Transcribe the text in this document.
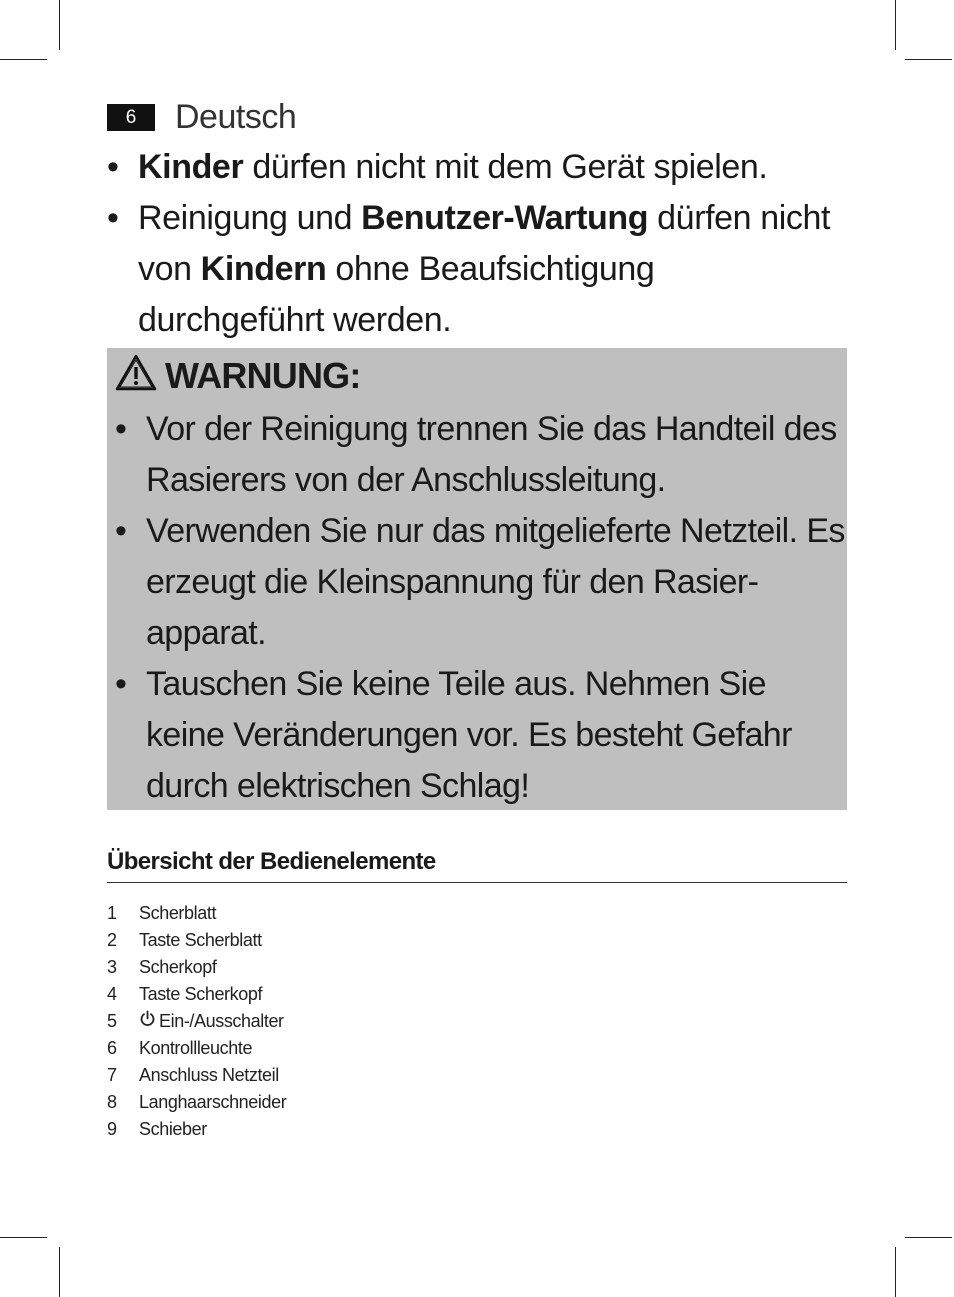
6	Deutsch
• Kinder dürfen nicht mit dem Gerät spielen.
• Reinigung und Benutzer-Wartung dürfen nicht von Kindern ohne Beaufsichtigung durchgeführt werden.
WARNUNG:
• Vor der Reinigung trennen Sie das Handteil des Rasierers von der Anschlussleitung.
• Verwenden Sie nur das mitgelieferte Netzteil. Es erzeugt die Kleinspannung für den Rasier-apparat.
• Tauschen Sie keine Teile aus. Nehmen Sie keine Veränderungen vor. Es besteht Gefahr durch elektrischen Schlag!
Übersicht der Bedienelemente
1	Scherblatt
2	Taste Scherblatt
3	Scherkopf
4	Taste Scherkopf
5	Ein-/Ausschalter
6	Kontrollleuchte
7	Anschluss Netzteil
8	Langhaarschneider
9	Schieber
